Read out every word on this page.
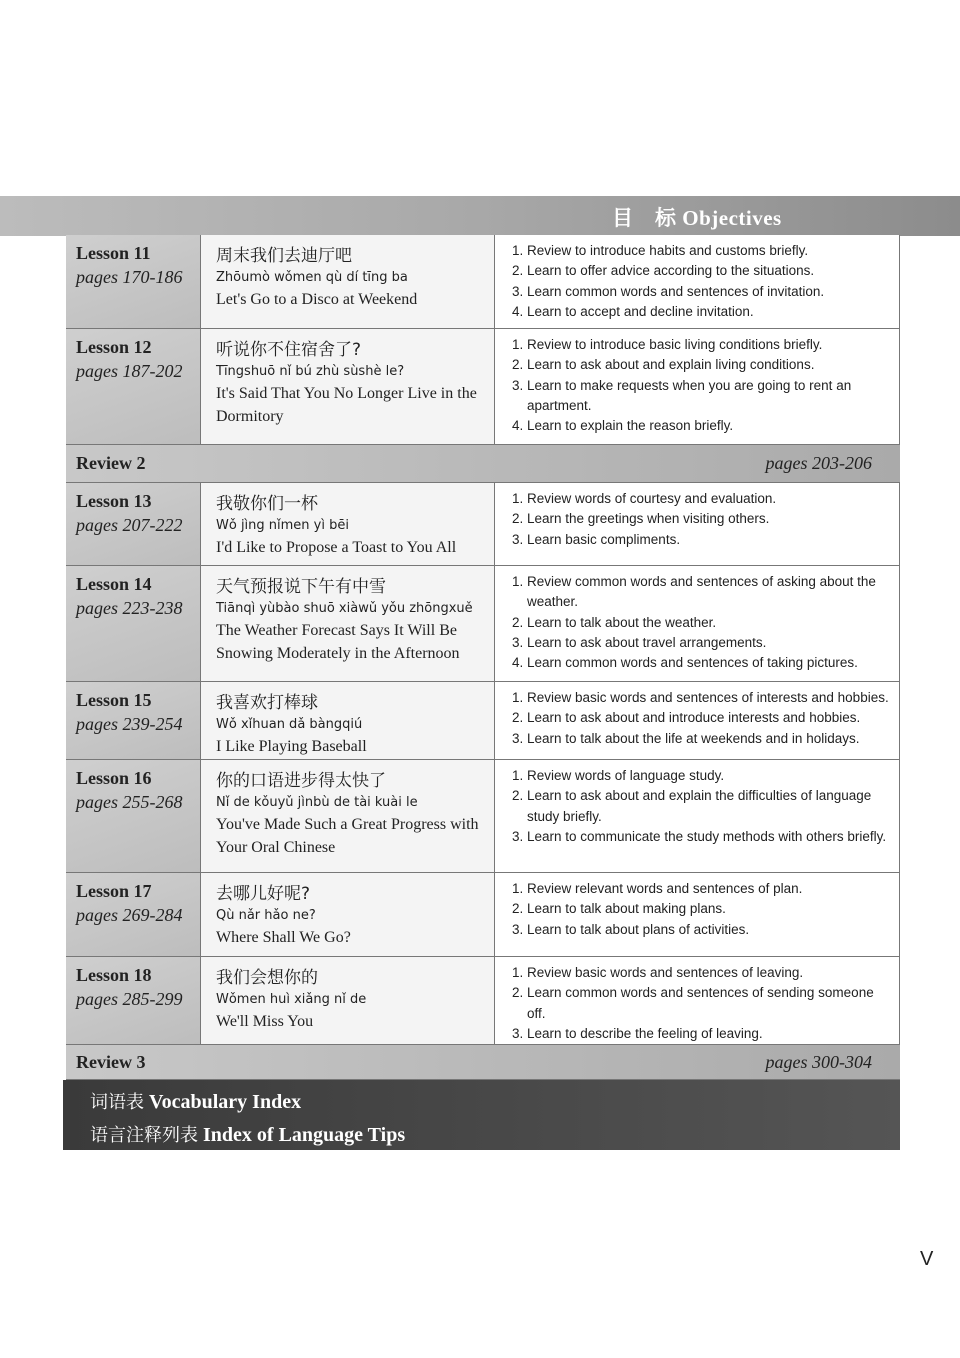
目　标 Objectives
Lesson 11
pages 170-186
周末我们去迪厅吧
Zhōumò wǒmen qù dí tīng ba
Let's Go to a Disco at Weekend
1. Review to introduce habits and customs briefly.
2. Learn to offer advice according to the situations.
3. Learn common words and sentences of invitation.
4. Learn to accept and decline invitation.
Lesson 12
pages 187-202
听说你不住宿舍了?
Tīngshuō nǐ bú zhù sùshè le?
It's Said That You No Longer Live in the Dormitory
1. Review to introduce basic living conditions briefly.
2. Learn to ask about and explain living conditions.
3. Learn to make requests when you are going to rent an apartment.
4. Learn to explain the reason briefly.
Review 2	pages 203-206
Lesson 13
pages 207-222
我敬你们一杯
Wǒ jìng nǐmen yì bēi
I'd Like to Propose a Toast to You All
1. Review words of courtesy and evaluation.
2. Learn the greetings when visiting others.
3. Learn basic compliments.
Lesson 14
pages 223-238
天气预报说下午有中雪
Tiānqì yùbào shuō xiàwǔ yǒu zhōngxuě
The Weather Forecast Says It Will Be Snowing Moderately in the Afternoon
1. Review common words and sentences of asking about the weather.
2. Learn to talk about the weather.
3. Learn to ask about travel arrangements.
4. Learn common words and sentences of taking pictures.
Lesson 15
pages 239-254
我喜欢打棒球
Wǒ xǐhuan dǎ bàngqiú
I Like Playing Baseball
1. Review basic words and sentences of interests and hobbies.
2. Learn to ask about and introduce interests and hobbies.
3. Learn to talk about the life at weekends and in holidays.
Lesson 16
pages 255-268
你的口语进步得太快了
Nǐ de kǒuyǔ jìnbù de tài kuài le
You've Made Such a Great Progress with Your Oral Chinese
1. Review words of language study.
2. Learn to ask about and explain the difficulties of language study briefly.
3. Learn to communicate the study methods with others briefly.
Lesson 17
pages 269-284
去哪儿好呢?
Qù nǎr hǎo ne?
Where Shall We Go?
1. Review relevant words and sentences of plan.
2. Learn to talk about making plans.
3. Learn to talk about plans of activities.
Lesson 18
pages 285-299
我们会想你的
Wǒmen huì xiǎng nǐ de
We'll Miss You
1. Review basic words and sentences of leaving.
2. Learn common words and sentences of sending someone off.
3. Learn to describe the feeling of leaving.
Review 3	pages 300-304
词语表 Vocabulary Index
语言注释列表 Index of Language Tips
V
